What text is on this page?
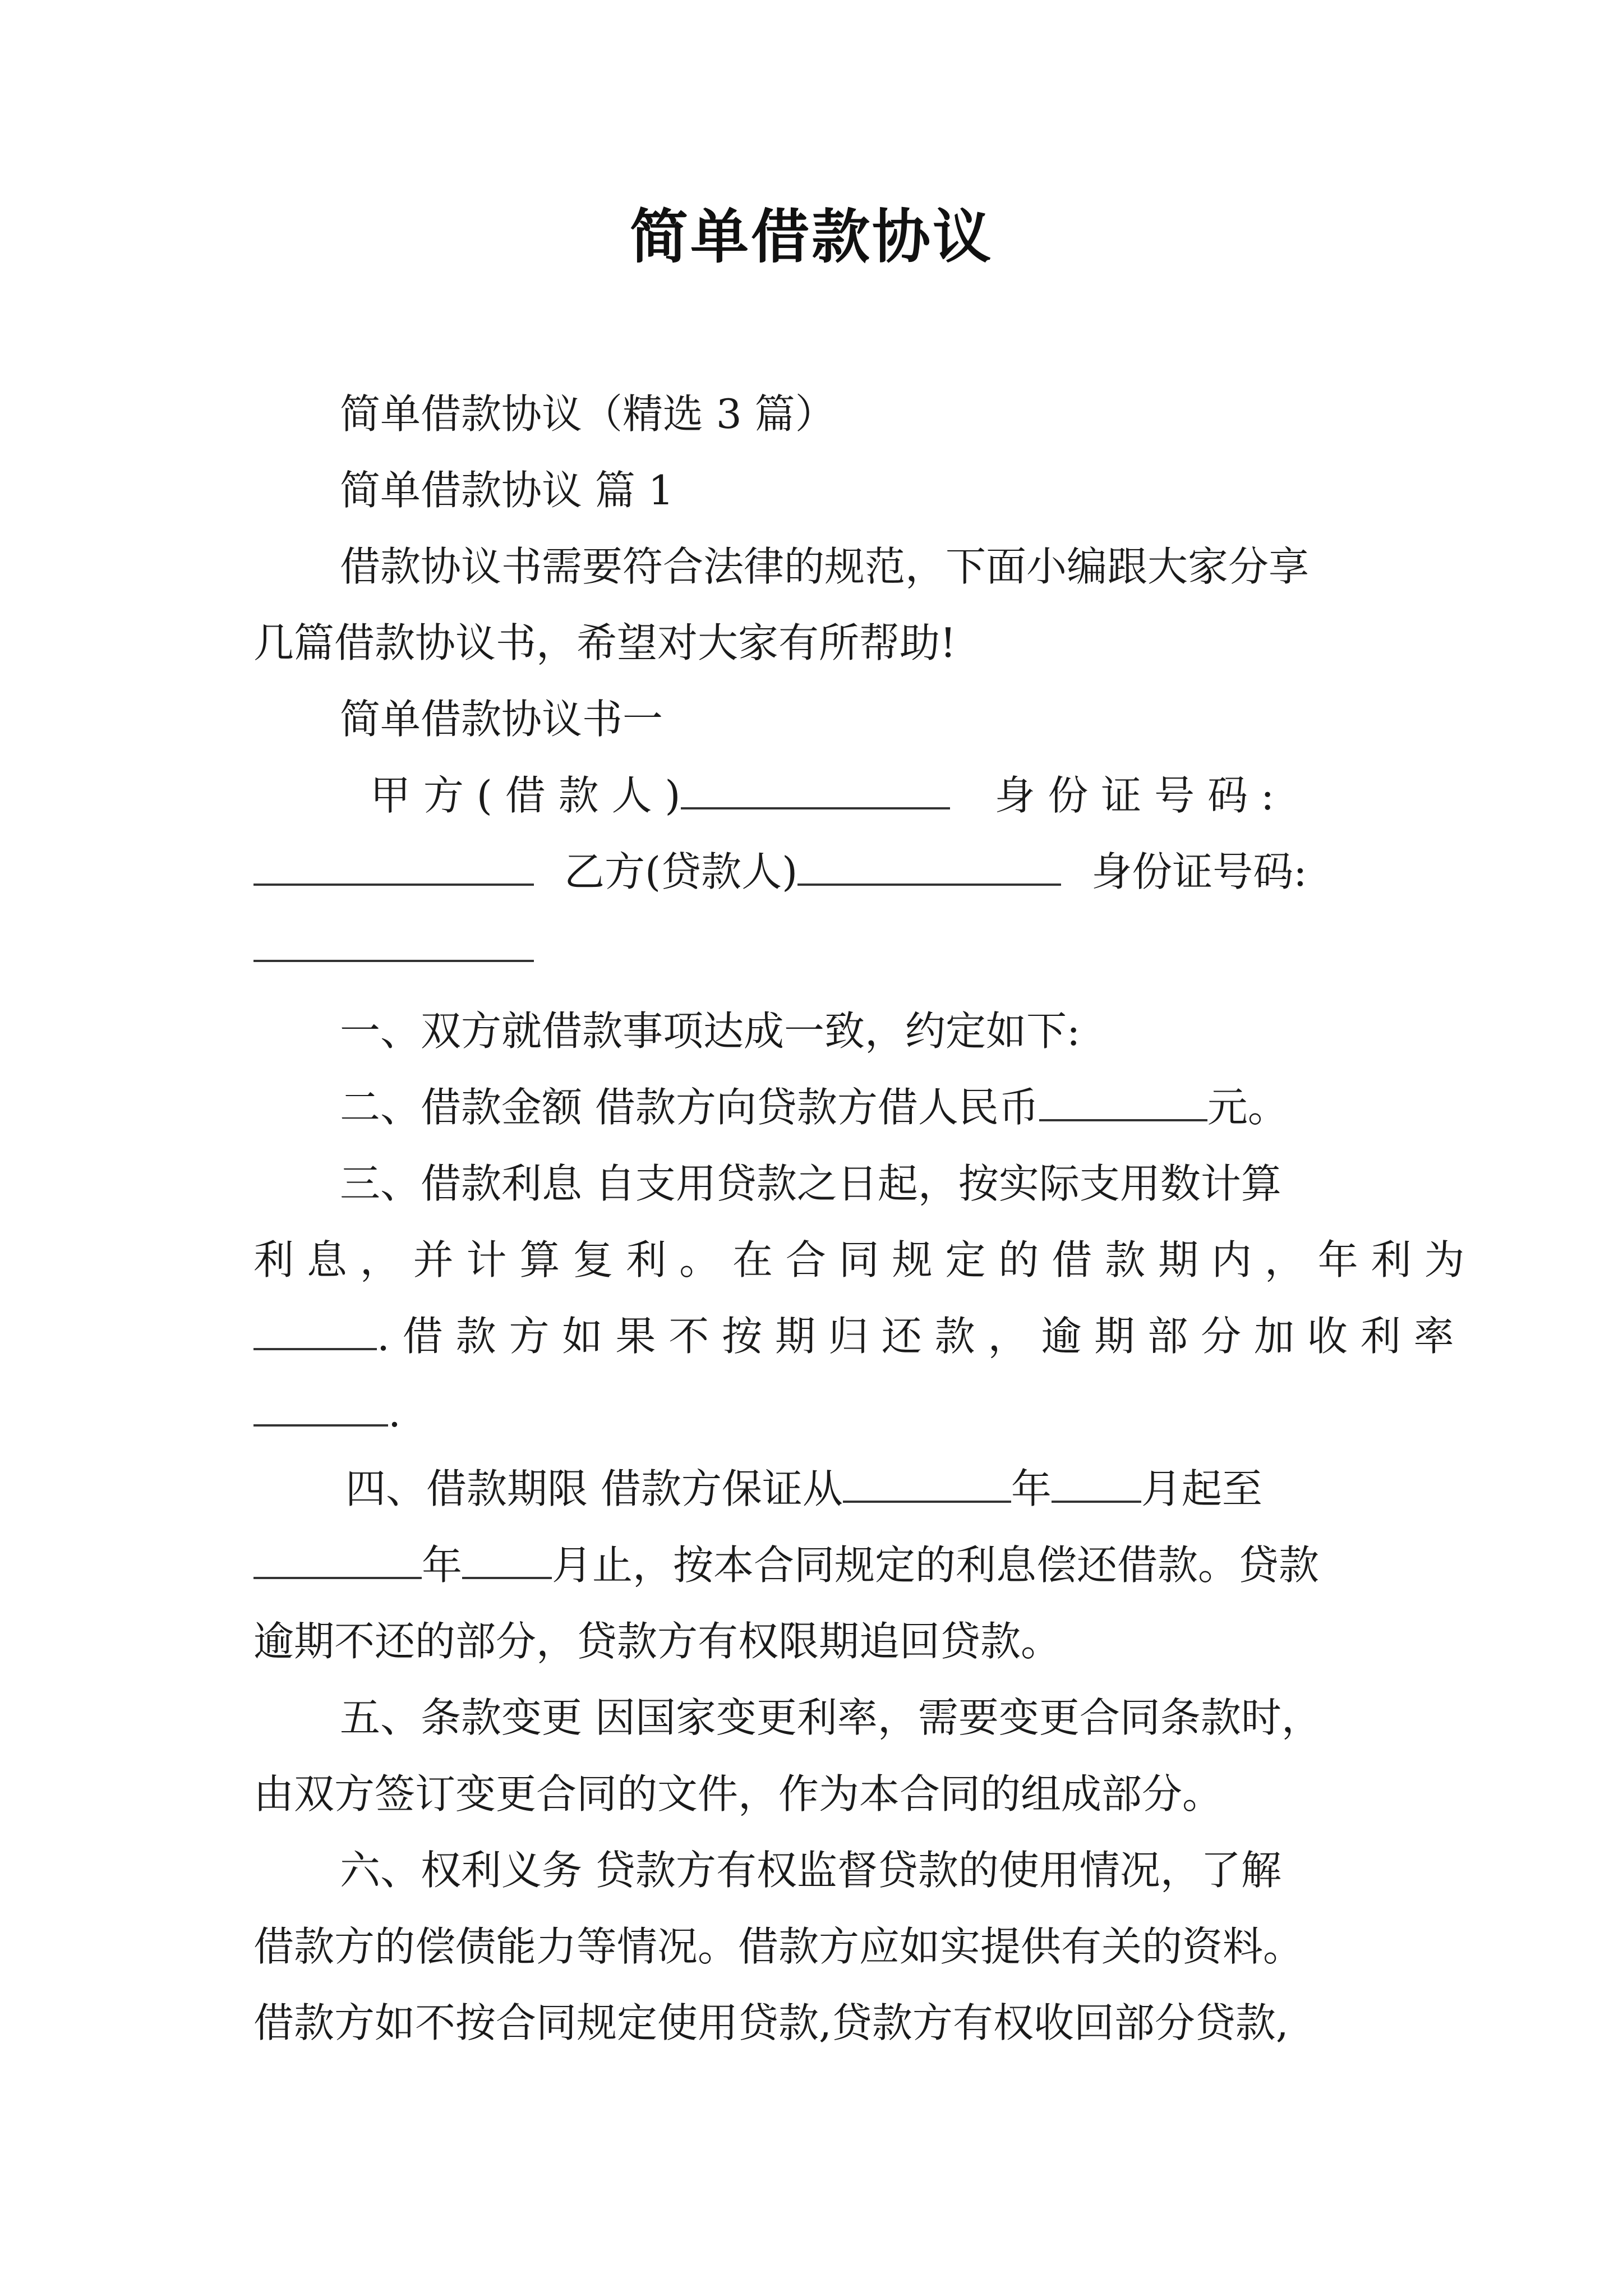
简单借款协议

简单借款协议（精选 3 篇）

简单借款协议 篇 1

借款协议书需要符合法律的规范，下面小编跟大家分享

几篇借款协议书，希望对大家有所帮助!

简单借款协议书一

甲 方 ( 借 款 人 )	身 份 证 号 码 :
乙方(贷款人)	身份证号码:

一、双方就借款事项达成一致，约定如下:

二、借款金额 借款方向贷款方借人民币	元。

三、借款利息 自支用贷款之日起，按实际支用数计算

利 息 ， 并 计 算 复 利 。 在 合 同 规 定 的 借 款 期 内 ， 年 利 为

. 借 款 方 如 果 不 按 期 归 还 款 ， 逾 期 部 分 加 收 利 率
.
四、借款期限 借款方保证从	年 月起至
年 月止，按本合同规定的利息偿还借款。贷款

逾期不还的部分，贷款方有权限期追回贷款。

五、条款变更 因国家变更利率，需要变更合同条款时，

由双方签订变更合同的文件，作为本合同的组成部分。

六、权利义务 贷款方有权监督贷款的使用情况，了解

借款方的偿债能力等情况。借款方应如实提供有关的资料。

借款方如不按合同规定使用贷款,贷款方有权收回部分贷款,
